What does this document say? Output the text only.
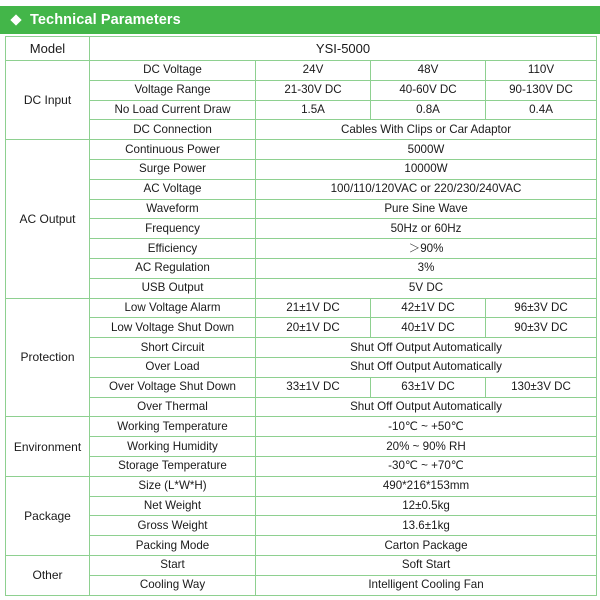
Technical Parameters
Model	YSI-5000			
DC Input	DC Voltage	24V	48V	110V
	Voltage Range	21-30V DC	40-60V DC	90-130V DC
	No Load Current Draw	1.5A	0.8A	0.4A
	DC Connection	Cables With Clips or Car Adaptor		
AC Output	Continuous Power	5000W		
	Surge Power	10000W		
	AC Voltage	100/110/120VAC or 220/230/240VAC		
	Waveform	Pure Sine Wave		
	Frequency	50Hz or 60Hz		
	Efficiency	＞90%		
	AC Regulation	3%		
	USB Output	5V DC		
Protection	Low Voltage Alarm	21±1V DC	42±1V DC	96±3V DC
	Low Voltage Shut Down	20±1V DC	40±1V DC	90±3V DC
	Short Circuit	Shut Off Output Automatically		
	Over Load	Shut Off Output Automatically		
	Over Voltage Shut Down	33±1V DC	63±1V DC	130±3V DC
	Over Thermal	Shut Off Output Automatically		
Environment	Working Temperature	-10℃ ~ +50℃		
	Working Humidity	20% ~ 90% RH		
	Storage Temperature	-30℃ ~ +70℃		
Package	Size (L*W*H)	490*216*153mm		
	Net Weight	12±0.5kg		
	Gross Weight	13.6±1kg		
	Packing Mode	Carton Package		
Other	Start	Soft Start		
	Cooling Way	Intelligent Cooling Fan		
